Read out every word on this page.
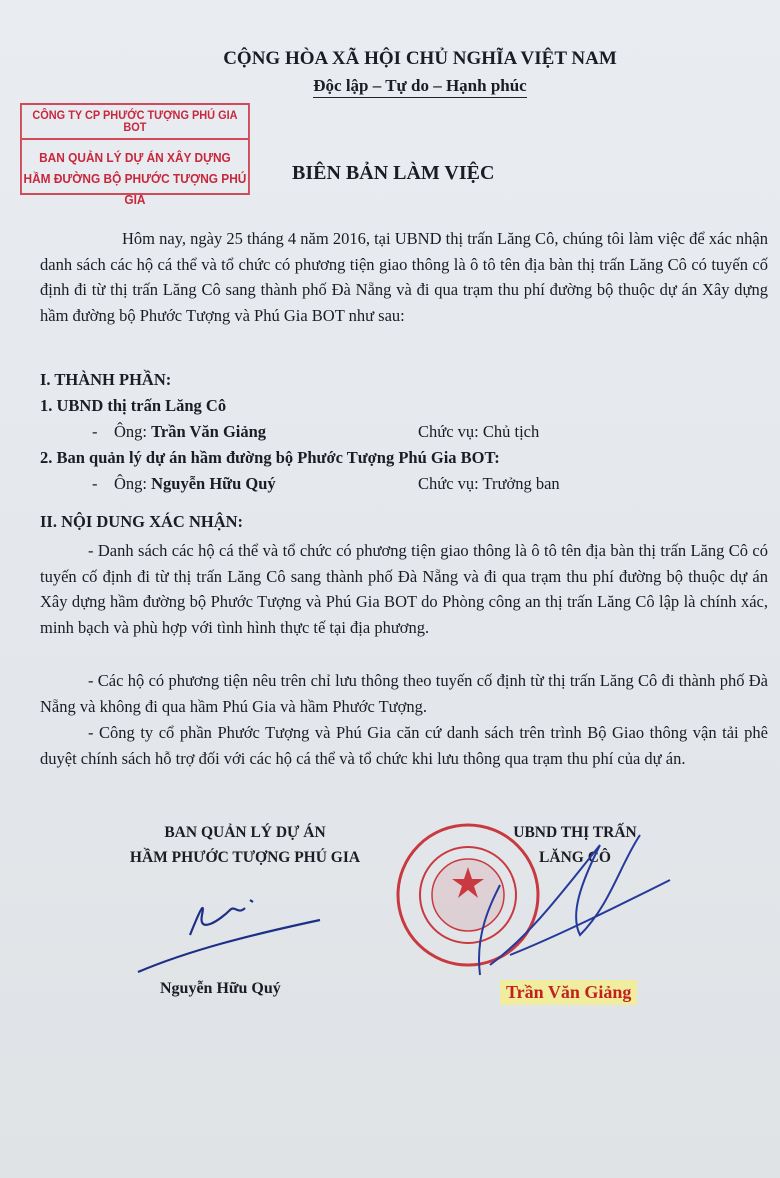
CỘNG HÒA XÃ HỘI CHỦ NGHĨA VIỆT NAM
Độc lập – Tự do – Hạnh phúc
CÔNG TY CP PHƯỚC TƯỢNG PHÚ GIA BOT
BAN QUẢN LÝ DỰ ÁN XÂY DỰNG
HẦM ĐƯỜNG BỘ PHƯỚC TƯỢNG PHÚ GIA
BIÊN BẢN LÀM VIỆC
Hôm nay, ngày 25 tháng 4 năm 2016, tại UBND thị trấn Lăng Cô, chúng tôi làm việc để xác nhận danh sách các hộ cá thể và tổ chức có phương tiện giao thông là ô tô tên địa bàn thị trấn Lăng Cô có tuyến cố định đi từ thị trấn Lăng Cô sang thành phố Đà Nẵng và đi qua trạm thu phí đường bộ thuộc dự án Xây dựng hầm đường bộ Phước Tượng và Phú Gia BOT như sau:
I. THÀNH PHẦN:
1. UBND thị trấn Lăng Cô
-    Ông: Trần Văn Giảng	Chức vụ: Chủ tịch
2. Ban quản lý dự án hầm đường bộ Phước Tượng Phú Gia BOT:
-    Ông: Nguyễn Hữu Quý	Chức vụ: Trưởng ban
II. NỘI DUNG XÁC NHẬN:
- Danh sách các hộ cá thể và tổ chức có phương tiện giao thông là ô tô tên địa bàn thị trấn Lăng Cô có tuyến cố định đi từ thị trấn Lăng Cô sang thành phố Đà Nẵng và đi qua trạm thu phí đường bộ thuộc dự án Xây dựng hầm đường bộ Phước Tượng và Phú Gia BOT do Phòng công an thị trấn Lăng Cô lập là chính xác, minh bạch và phù hợp với tình hình thực tế tại địa phương.
- Các hộ có phương tiện nêu trên chỉ lưu thông theo tuyến cố định từ thị trấn Lăng Cô đi thành phố Đà Nẵng và không đi qua hầm Phú Gia và hầm Phước Tượng.
- Công ty cổ phần Phước Tượng và Phú Gia căn cứ danh sách trên trình Bộ Giao thông vận tải phê duyệt chính sách hỗ trợ đối với các hộ cá thể và tổ chức khi lưu thông qua trạm thu phí của dự án.
BAN QUẢN LÝ DỰ ÁN
HẦM PHƯỚC TƯỢNG PHÚ GIA
Nguyễn Hữu Quý
UBND THỊ TRẤN
LĂNG CÔ
Trần Văn Giảng
